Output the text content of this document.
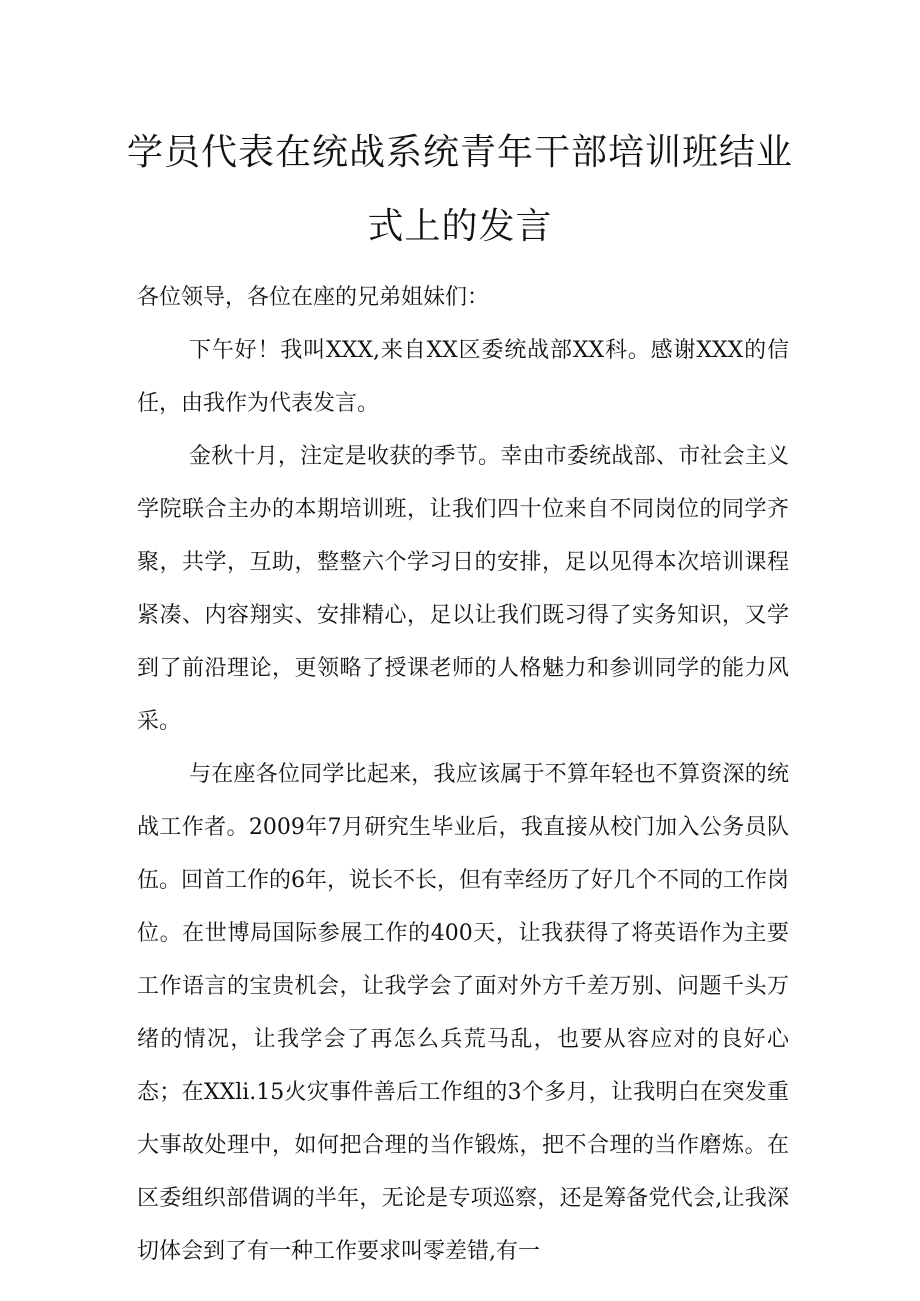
学员代表在统战系统青年干部培训班结业
式上的发言

各位领导，各位在座的兄弟姐妹们：

下午好！我叫XXX,来自XX区委统战部XX科。感谢XXX的信任，由我作为代表发言。

金秋十月，注定是收获的季节。幸由市委统战部、市社会主义学院联合主办的本期培训班，让我们四十位来自不同岗位的同学齐聚，共学，互助，整整六个学习日的安排，足以见得本次培训课程紧凑、内容翔实、安排精心，足以让我们既习得了实务知识，又学到了前沿理论，更领略了授课老师的人格魅力和参训同学的能力风采。

与在座各位同学比起来，我应该属于不算年轻也不算资深的统战工作者。2009年7月研究生毕业后，我直接从校门加入公务员队伍。回首工作的6年，说长不长，但有幸经历了好几个不同的工作岗位。在世博局国际参展工作的400天，让我获得了将英语作为主要工作语言的宝贵机会，让我学会了面对外方千差万别、问题千头万绪的情况，让我学会了再怎么兵荒马乱，也要从容应对的良好心态；在XXli.15火灾事件善后工作组的3个多月，让我明白在突发重大事故处理中，如何把合理的当作锻炼，把不合理的当作磨炼。在区委组织部借调的半年，无论是专项巡察，还是筹备党代会,让我深切体会到了有一种工作要求叫零差错,有一
